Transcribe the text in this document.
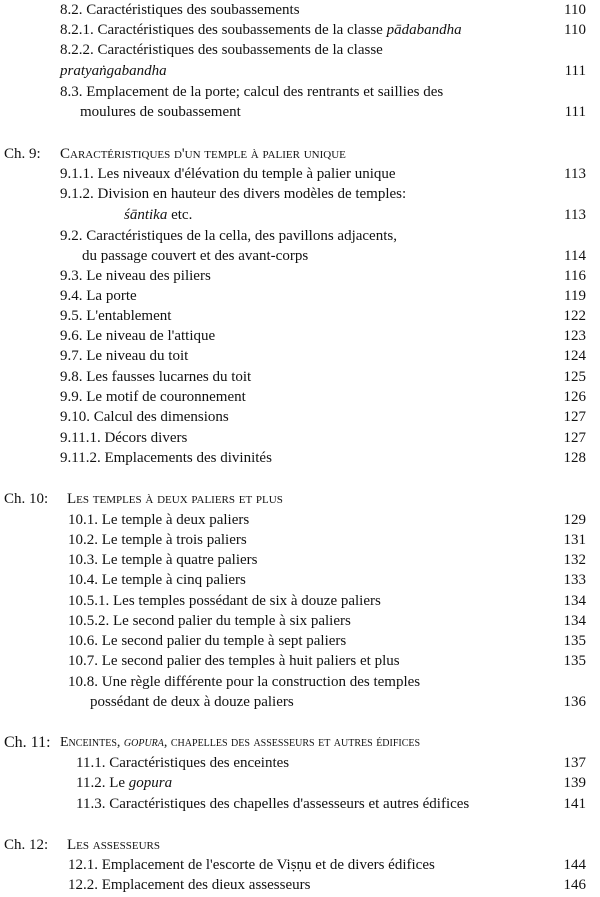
8.2. Caractéristiques des soubassements	110
8.2.1. Caractéristiques des soubassements de la classe pādabandha	110
8.2.2. Caractéristiques des soubassements de la classe
pratyaṅgabandha	111
8.3. Emplacement de la porte; calcul des rentrants et saillies des
moulures de soubassement	111
Ch. 9: Caractéristiques d'un temple à palier unique
9.1.1. Les niveaux d'élévation du temple à palier unique	113
9.1.2. Division en hauteur des divers modèles de temples:
śāntika etc.	113
9.2. Caractéristiques de la cella, des pavillons adjacents,
du passage couvert et des avant-corps	114
9.3. Le niveau des piliers	116
9.4. La porte	119
9.5. L'entablement	122
9.6. Le niveau de l'attique	123
9.7. Le niveau du toit	124
9.8. Les fausses lucarnes du toit	125
9.9. Le motif de couronnement	126
9.10. Calcul des dimensions	127
9.11.1. Décors divers	127
9.11.2. Emplacements des divinités	128
Ch. 10: Les temples à deux paliers et plus
10.1. Le temple à deux paliers	129
10.2. Le temple à trois paliers	131
10.3. Le temple à quatre paliers	132
10.4. Le temple à cinq paliers	133
10.5.1. Les temples possédant de six à douze paliers	134
10.5.2. Le second palier du temple à six paliers	134
10.6. Le second palier du temple à sept paliers	135
10.7. Le second palier des temples à huit paliers et plus	135
10.8. Une règle différente pour la construction des temples
possédant de deux à douze paliers	136
Ch. 11: Enceintes, gopura, chapelles des assesseurs et autres édifices
11.1. Caractéristiques des enceintes	137
11.2. Le gopura	139
11.3. Caractéristiques des chapelles d'assesseurs et autres édifices	141
Ch. 12: Les assesseurs
12.1. Emplacement de l'escorte de Viṣṇu et de divers édifices	144
12.2. Emplacement des dieux assesseurs	146
